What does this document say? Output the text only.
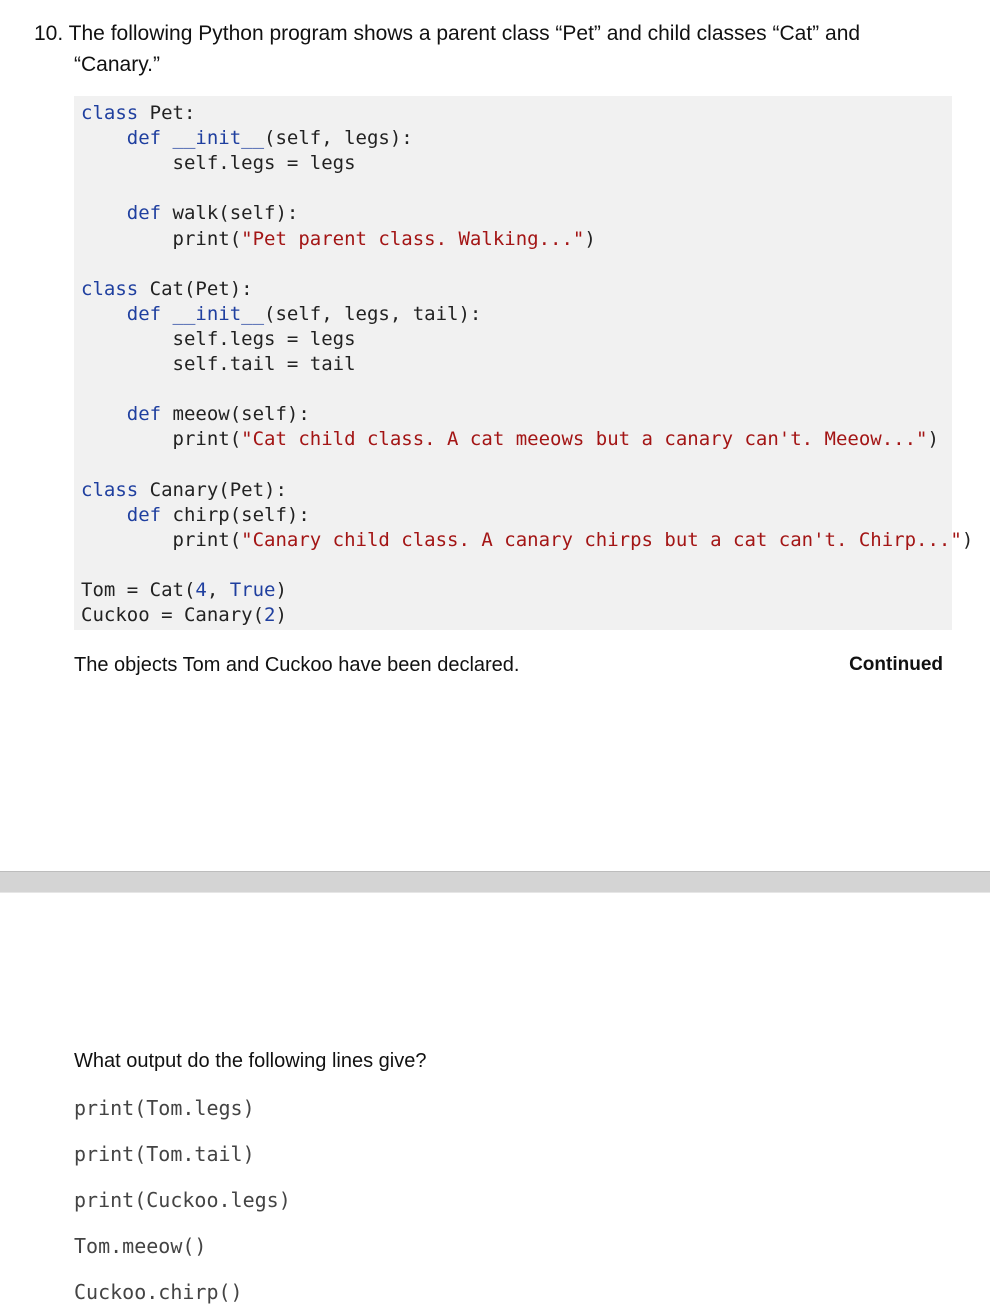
10. The following Python program shows a parent class “Pet” and child classes “Cat” and
“Canary.”
class Pet:
def __init__(self, legs):
self.legs = legs
def walk(self):
print("Pet parent class. Walking...")
class Cat(Pet):
def __init__(self, legs, tail):
self.legs = legs
self.tail = tail
def meeow(self):
print("Cat child class. A cat meeows but a canary can't. Meeow...")
class Canary(Pet):
def chirp(self):
print("Canary child class. A canary chirps but a cat can't. Chirp...")
Tom = Cat(4, True)
Cuckoo = Canary(2)
The objects Tom and Cuckoo have been declared.	Continued
What output do the following lines give?
print(Tom.legs)
print(Tom.tail)
print(Cuckoo.legs)
Tom.meeow()
Cuckoo.chirp()
